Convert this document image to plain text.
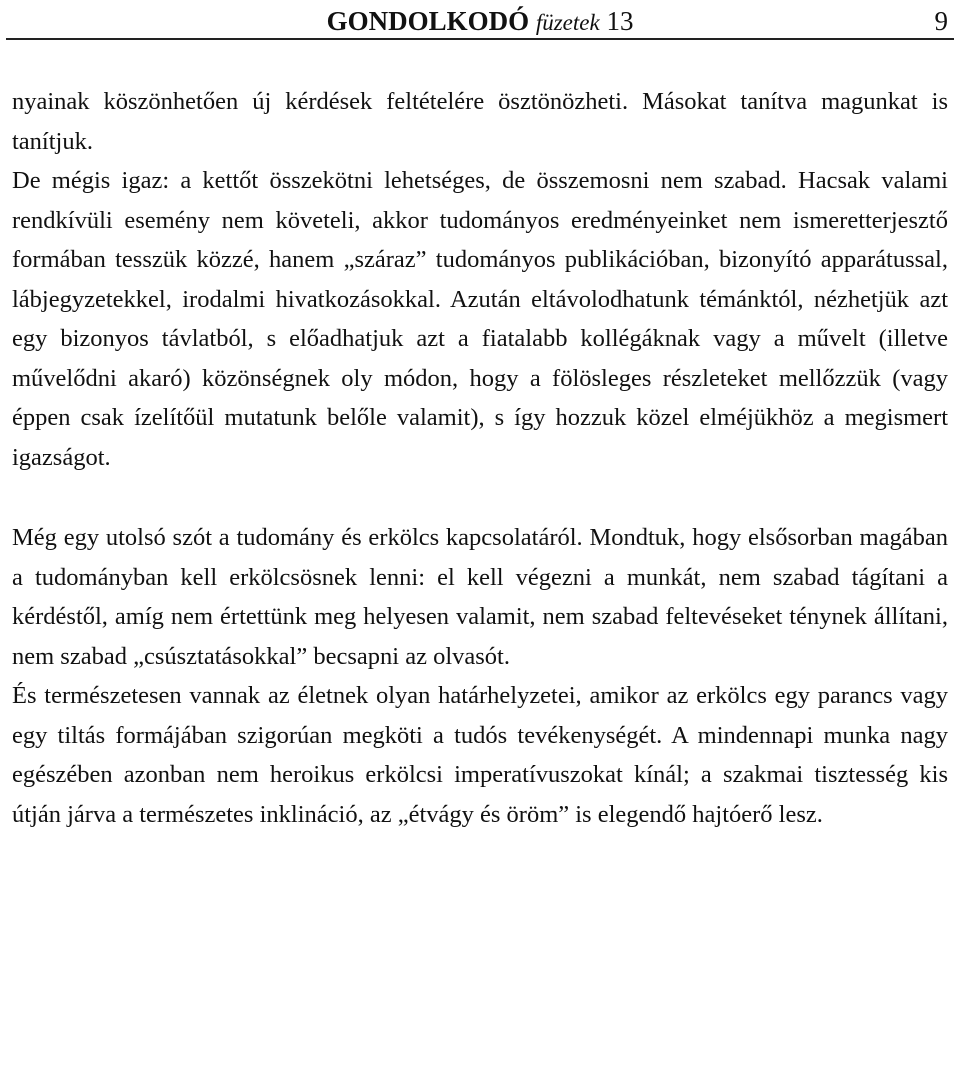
GONDOLKODÓ füzetek 13	9

nyainak köszönhetően új kérdések feltételére ösztönözheti. Másokat tanítva magunkat is tanítjuk.

De mégis igaz: a kettőt összekötni lehetséges, de összemosni nem szabad. Hacsak valami rendkívüli esemény nem követeli, akkor tudományos eredményeinket nem ismeretterjesztő formában tesszük közzé, hanem „száraz” tudományos publikációban, bizonyító apparátussal, lábjegyzetekkel, irodalmi hivatkozásokkal. Azután eltávolodhatunk témánktól, nézhetjük azt egy bizonyos távlatból, s előadhatjuk azt a fiatalabb kollégáknak vagy a művelt (illetve művelődni akaró) közönségnek oly módon, hogy a fölösleges részleteket mellőzzük (vagy éppen csak ízelítőül mutatunk belőle valamit), s így hozzuk közel elméjükhöz a megismert igazságot.

Még egy utolsó szót a tudomány és erkölcs kapcsolatáról. Mondtuk, hogy elsősorban magában a tudományban kell erkölcsösnek lenni: el kell végezni a munkát, nem szabad tágítani a kérdéstől, amíg nem értettünk meg helyesen valamit, nem szabad feltevéseket ténynek állítani, nem szabad „csúsztatásokkal” becsapni az olvasót.

És természetesen vannak az életnek olyan határhelyzetei, amikor az erkölcs egy parancs vagy egy tiltás formájában szigorúan megköti a tudós tevékenységét. A mindennapi munka nagy egészében azonban nem heroikus erkölcsi imperatívuszokat kínál; a szakmai tisztesség kis útján járva a természetes inklináció, az „étvágy és öröm” is elegendő hajtóerő lesz.
